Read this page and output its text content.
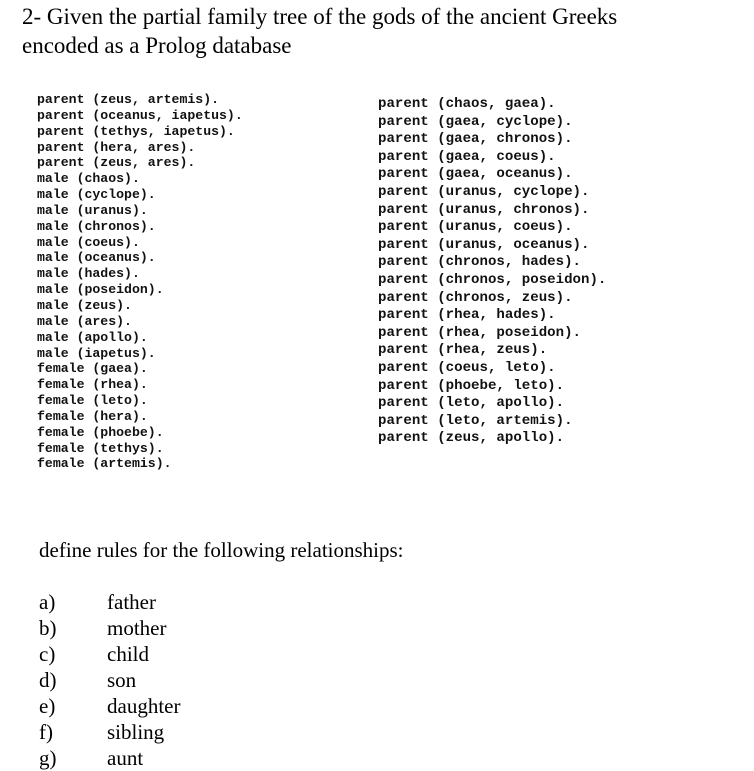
2- Given the partial family tree of the gods of the ancient Greeks
encoded as a Prolog database
parent (zeus, artemis).
parent (oceanus, iapetus).
parent (tethys, iapetus).
parent (hera, ares).
parent (zeus, ares).
male (chaos).
male (cyclope).
male (uranus).
male (chronos).
male (coeus).
male (oceanus).
male (hades).
male (poseidon).
male (zeus).
male (ares).
male (apollo).
male (iapetus).
female (gaea).
female (rhea).
female (leto).
female (hera).
female (phoebe).
female (tethys).
female (artemis).
parent (chaos, gaea).
parent (gaea, cyclope).
parent (gaea, chronos).
parent (gaea, coeus).
parent (gaea, oceanus).
parent (uranus, cyclope).
parent (uranus, chronos).
parent (uranus, coeus).
parent (uranus, oceanus).
parent (chronos, hades).
parent (chronos, poseidon).
parent (chronos, zeus).
parent (rhea, hades).
parent (rhea, poseidon).
parent (rhea, zeus).
parent (coeus, leto).
parent (phoebe, leto).
parent (leto, apollo).
parent (leto, artemis).
parent (zeus, apollo).
define rules for the following relationships:
a)	father
b)	mother
c)	child
d)	son
e)	daughter
f)	sibling
g)	aunt
